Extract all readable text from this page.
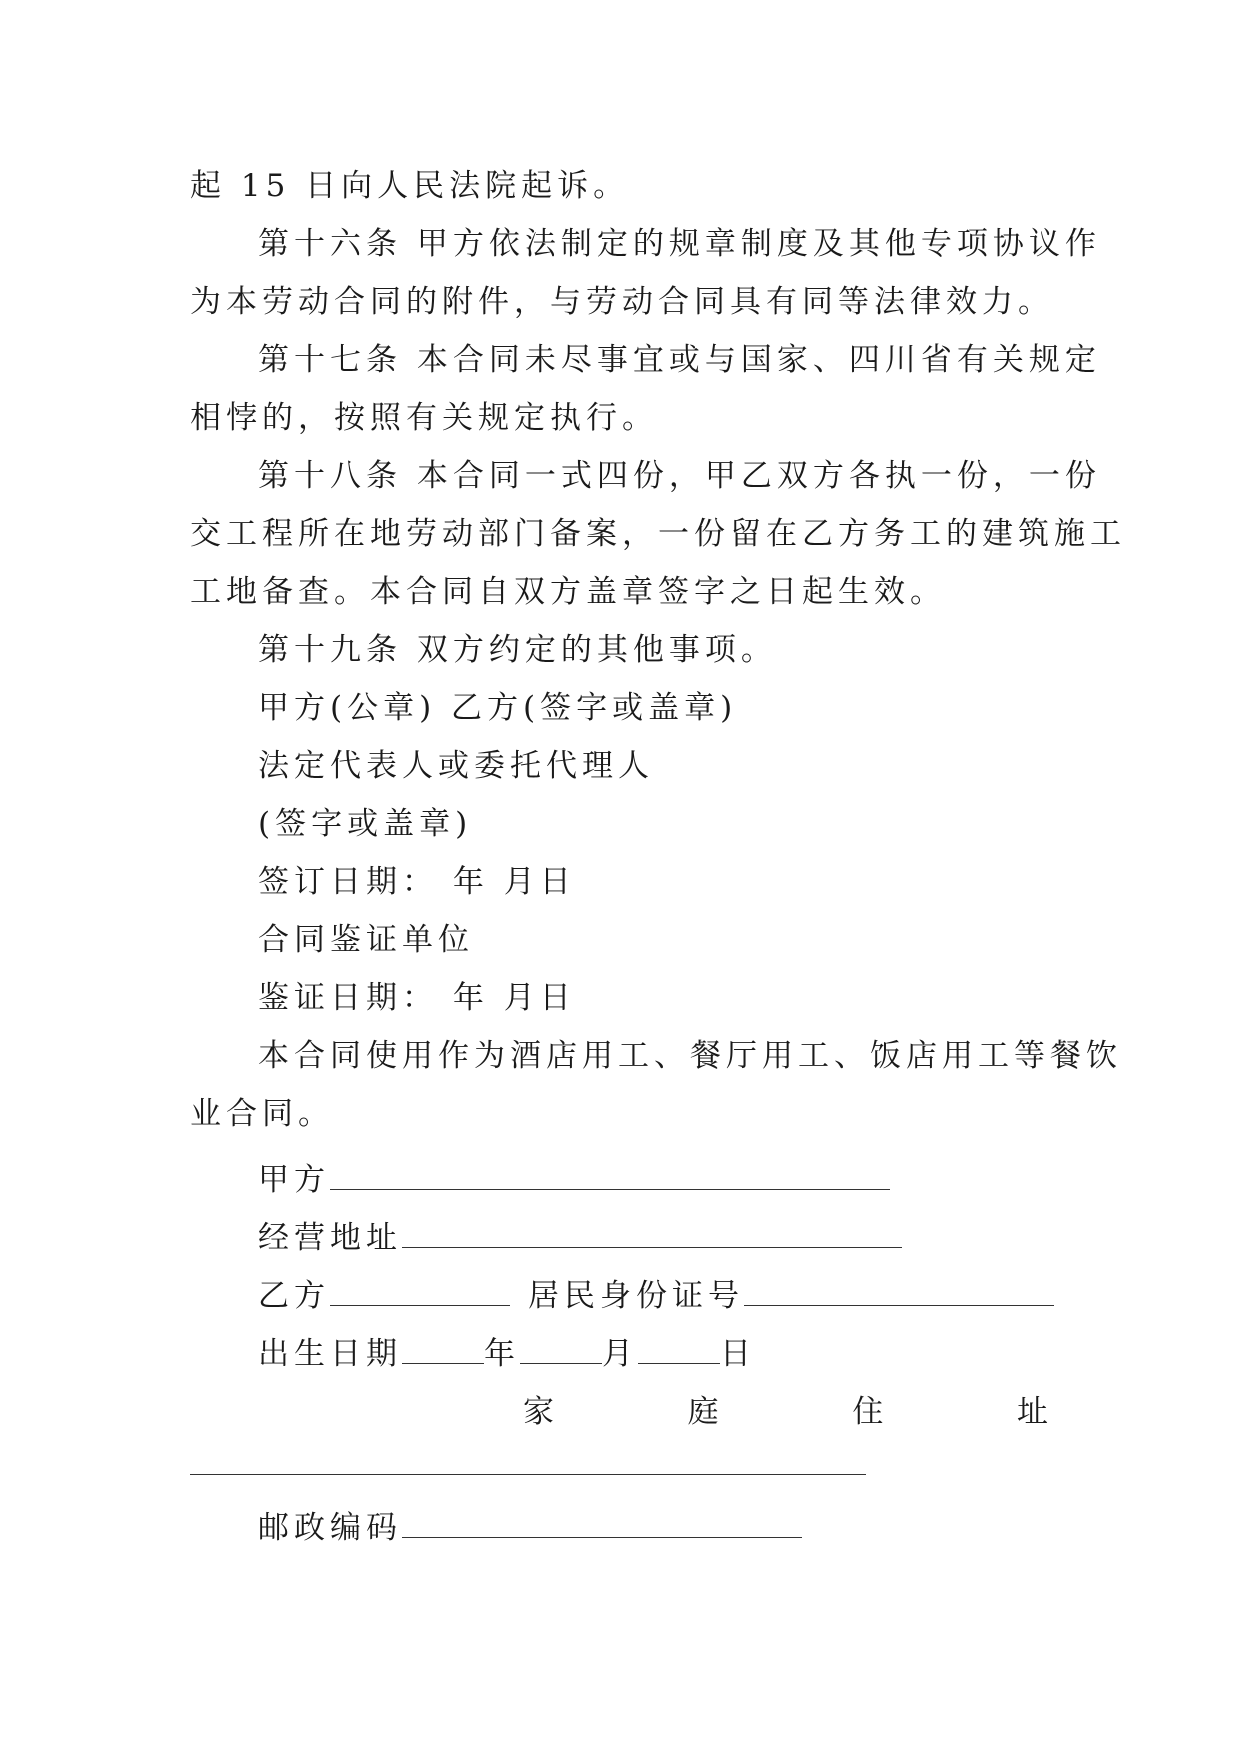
起 15 日向人民法院起诉。
第十六条 甲方依法制定的规章制度及其他专项协议作
为本劳动合同的附件，与劳动合同具有同等法律效力。
第十七条 本合同未尽事宜或与国家、四川省有关规定
相悖的，按照有关规定执行。
第十八条 本合同一式四份，甲乙双方各执一份，一份
交工程所在地劳动部门备案，一份留在乙方务工的建筑施工
工地备查。本合同自双方盖章签字之日起生效。
第十九条 双方约定的其他事项。
甲方(公章) 乙方(签字或盖章)
法定代表人或委托代理人
(签字或盖章)
签订日期： 年 月日
合同鉴证单位
鉴证日期： 年 月日
本合同使用作为酒店用工、餐厅用工、饭店用工等餐饮
业合同。
甲方
经营地址
乙方	居民身份证号
出生日期	年	月	日
家	庭	住	址
邮政编码
